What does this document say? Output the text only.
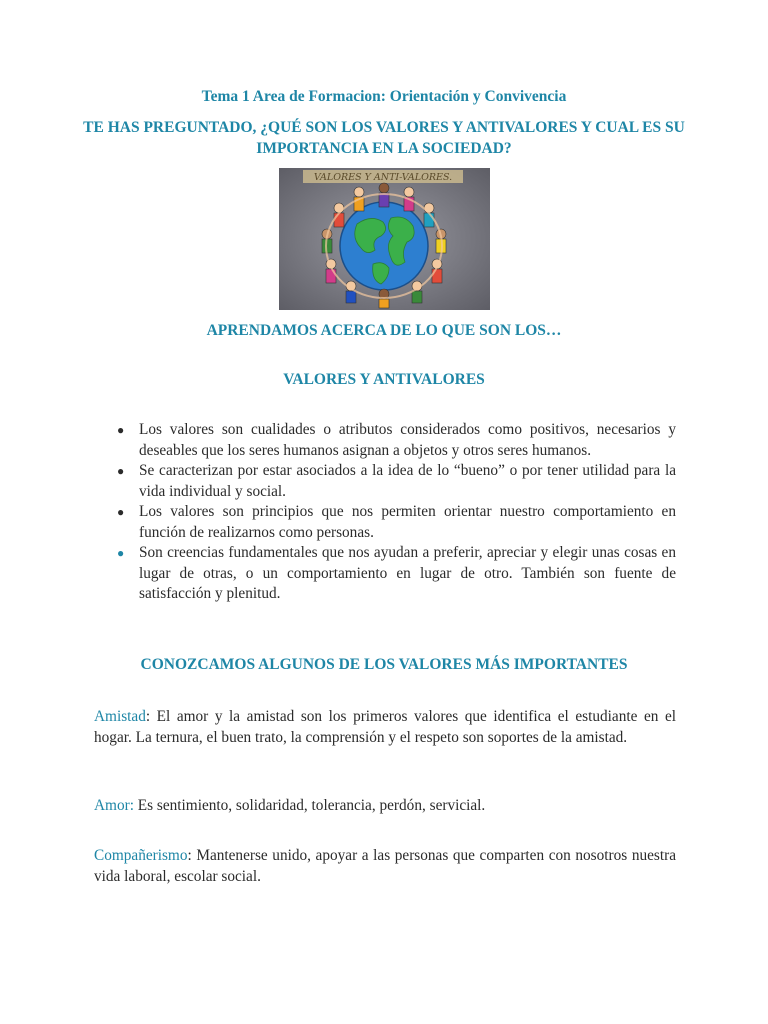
Tema 1 Area de Formacion: Orientación y Convivencia
TE HAS PREGUNTADO, ¿QUÉ SON LOS VALORES Y ANTIVALORES Y CUAL ES SU IMPORTANCIA EN LA SOCIEDAD?
VALORES Y ANTI-VALORES.
APRENDAMOS ACERCA DE LO QUE SON LOS…
VALORES Y ANTIVALORES
● Los valores son cualidades o atributos considerados como positivos, necesarios y deseables que los seres humanos asignan a objetos y otros seres humanos.
● Se caracterizan por estar asociados a la idea de lo “bueno” o por tener utilidad para la vida individual y social.
● Los valores son principios que nos permiten orientar nuestro comportamiento en función de realizarnos como personas.
● Son creencias fundamentales que nos ayudan a preferir, apreciar y elegir unas cosas en lugar de otras, o un comportamiento en lugar de otro. También son fuente de satisfacción y plenitud.
CONOZCAMOS ALGUNOS DE LOS VALORES MÁS IMPORTANTES
Amistad: El amor y la amistad son los primeros valores que identifica el estudiante en el hogar. La ternura, el buen trato, la comprensión y el respeto son soportes de la amistad.
Amor: Es sentimiento, solidaridad, tolerancia, perdón, servicial.
Compañerismo: Mantenerse unido, apoyar a las personas que comparten con nosotros nuestra vida laboral, escolar social.
